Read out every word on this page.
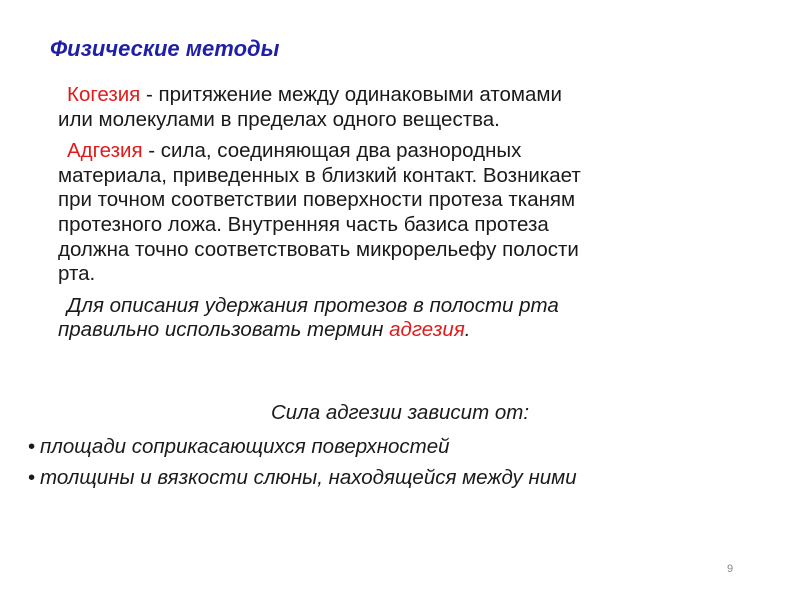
Физические методы

Когезия - притяжение между одинаковыми атомами
или молекулами в пределах одного вещества.

Адгезия - сила, соединяющая два разнородных
материала, приведенных в близкий контакт. Возникает
при точном соответствии поверхности протеза тканям
протезного ложа. Внутренняя часть базиса протеза
должна точно соответствовать микрорельефу полости
рта.

Для описания удержания протезов в полости рта
правильно использовать термин адгезия.

Сила адгезии зависит от:
• площади соприкасающихся поверхностей
• толщины и вязкости слюны, находящейся между ними
9
